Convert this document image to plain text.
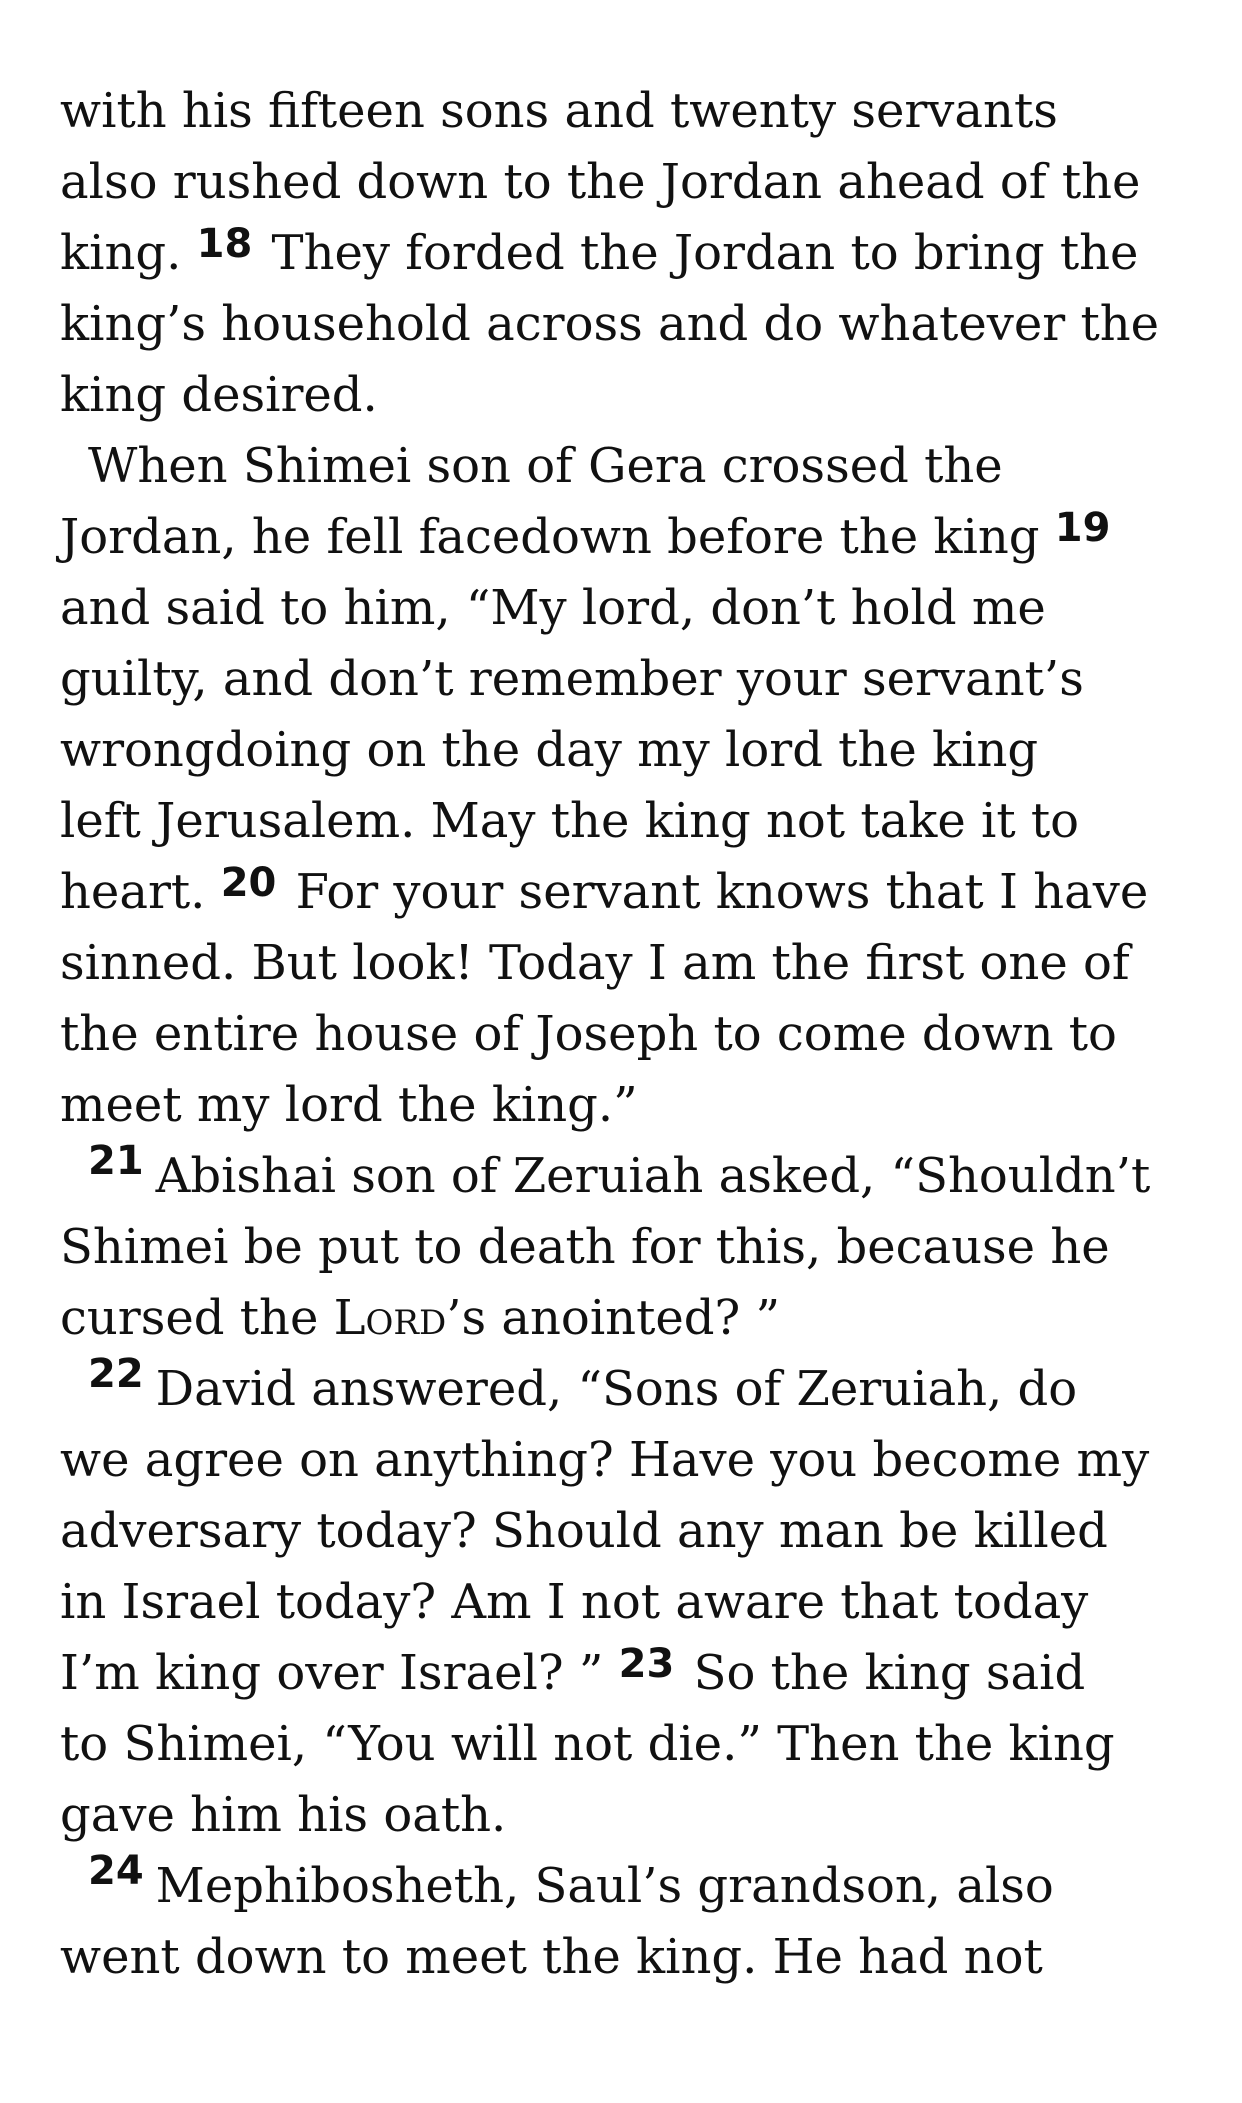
with his fifteen sons and twenty servants
also rushed down to the Jordan ahead of the
king. $^{18}$ They forded the Jordan to bring the
king’s household across and do whatever the
king desired.
When Shimei son of Gera crossed the
Jordan, he fell facedown before the king $^{19}$
and said to him, “My lord, don’t hold me
guilty, and don’t remember your servant’s
wrongdoing on the day my lord the king
left Jerusalem. May the king not take it to
heart. $^{20}$ For your servant knows that I have
sinned. But look! Today I am the first one of
the entire house of Joseph to come down to
meet my lord the king.”
21 Abishai son of Zeruiah asked, “Shouldn’t
Shimei be put to death for this, because he
cursed the Lord’s anointed? ”
22 David answered, “Sons of Zeruiah, do
we agree on anything? Have you become my
adversary today? Should any man be killed
in Israel today? Am I not aware that today
I’m king over Israel? ” $^{23}$ So the king said
to Shimei, “You will not die.” Then the king
gave him his oath.
24 Mephibosheth, Saul’s grandson, also
went down to meet the king. He had not
